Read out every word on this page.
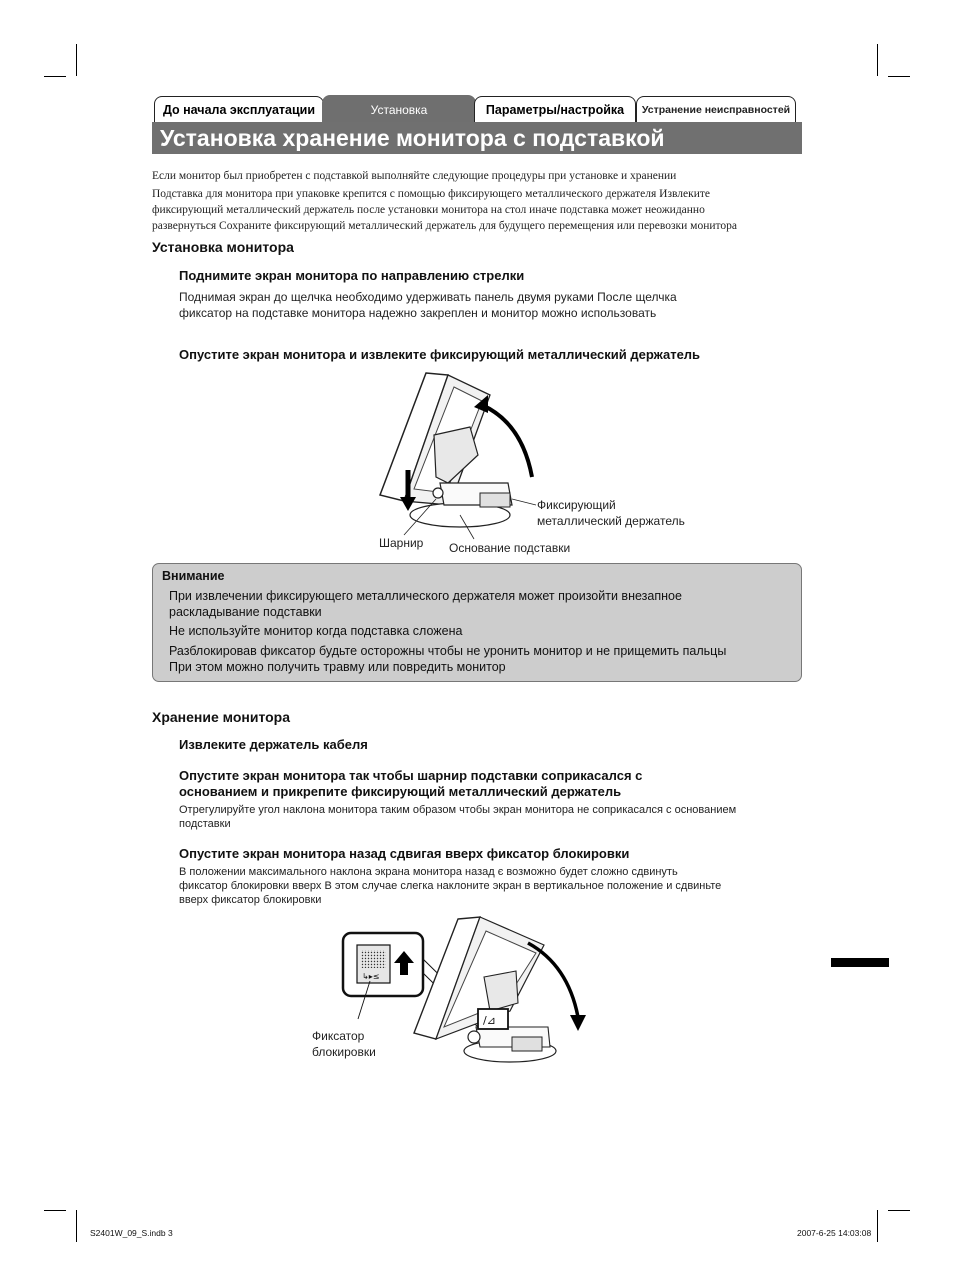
До начала эксплуатации	Установка	Параметры/настройка	Устранение неисправностей
Установка хранение монитора с подставкой
Если монитор был приобретен с подставкой выполняйте следующие процедуры при установке и хранении
Подставка для монитора при упаковке крепится с помощью фиксирующего металлического держателя Извлеките
фиксирующий металлический держатель после установки монитора на стол иначе подставка может неожиданно
развернуться Сохраните фиксирующий металлический держатель для будущего перемещения или перевозки монитора
Установка монитора
Поднимите экран монитора по направлению стрелки
Поднимая экран до щелчка необходимо удерживать панель двумя руками После щелчка
фиксатор на подставке монитора надежно закреплен и монитор можно использовать
Опустите экран монитора и извлеките фиксирующий металлический держатель
Фиксирующий
металлический держатель
Шарнир Основание подставки
Внимание
При извлечении фиксирующего металлического держателя может произойти внезапное
раскладывание подставки
Не используйте монитор когда подставка сложена
Разблокировав фиксатор будьте осторожны чтобы не уронить монитор и не прищемить пальцы
При этом можно получить травму или повредить монитор
Хранение монитора
Извлеките держатель кабеля
Опустите экран монитора так чтобы шарнир подставки соприкасался с
основанием и прикрепите фиксирующий металлический держатель
Отрегулируйте угол наклона монитора таким образом чтобы экран монитора не соприкасался с основанием
подставки
Опустите экран монитора назад сдвигая вверх фиксатор блокировки
В положении максимального наклона экрана монитора назад є возможно будет сложно сдвинуть
фиксатор блокировки вверх В этом случае слегка наклоните экран в вертикальное положение и сдвиньте
вверх фиксатор блокировки
↳▸≤
/⊿
Фиксатор
блокировки
S2401W_09_S.indb 3	2007-6-25 14:03:08
